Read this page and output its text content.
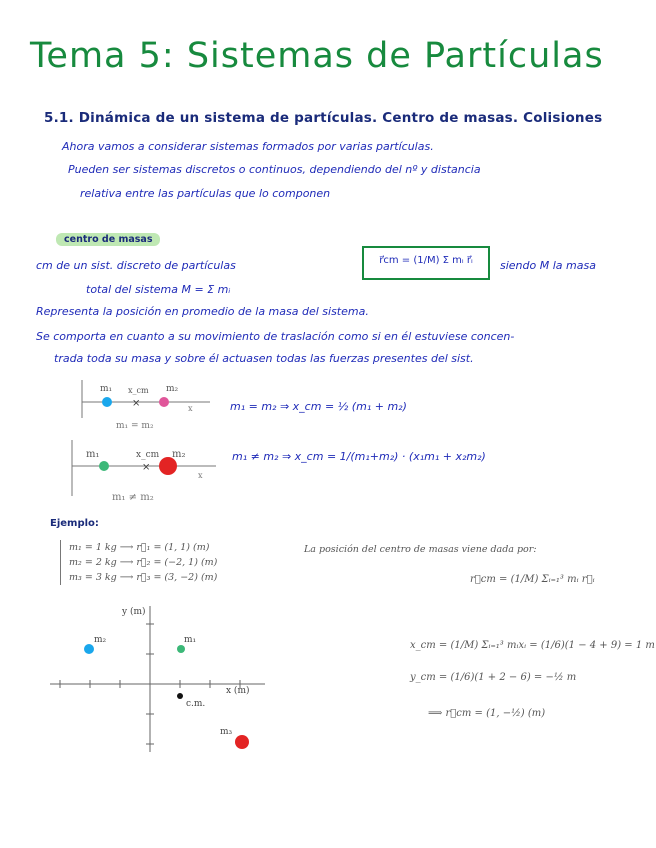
Tema 5: Sistemas de Partículas
5.1. Dinámica de un sistema de partículas. Centro de masas. Colisiones
Ahora vamos a considerar sistemas formados por varias partículas.
Pueden ser sistemas discretos o continuos, dependiendo del nº y distancia
relativa entre las partículas que lo componen
centro de masas
cm de un sist. discreto de partículas	r⃗cm = (1/M) Σ mᵢ r⃗ᵢ	siendo M la masa
total del sistema M = Σ mᵢ
Representa la posición en promedio de la masa del sistema.
Se comporta en cuanto a su movimiento de traslación como si en él estuviese concen-
trada toda su masa y sobre él actuasen todas las fuerzas presentes del sist.
×
m₁ x_cm m₂
x
m₁ = m₂
m₁ = m₂ ⇒ x_cm = ½ (m₁ + m₂)
×
m₁	x_cm m₂
x
m₁ ≠ m₂
m₁ ≠ m₂ ⇒ x_cm = 1/(m₁+m₂) · (x₁m₁ + x₂m₂)
Ejemplo:
m₁ = 1 kg ⟶ r⃗₁ = (1, 1) (m)
m₂ = 2 kg ⟶ r⃗₂ = (−2, 1) (m)
m₃ = 3 kg ⟶ r⃗₃ = (3, −2) (m)
y (m)
x (m)
m₂	m₁
c.m.
m₃
La posición del centro de masas viene dada por:
r⃗cm = (1/M) Σᵢ₌₁³ mᵢ r⃗ᵢ
x_cm = (1/M) Σᵢ₌₁³ mᵢxᵢ = (1/6)(1 − 4 + 9) = 1 m
y_cm = (1/6)(1 + 2 − 6) = −½ m
⟹ r⃗cm = (1, −½) (m)
